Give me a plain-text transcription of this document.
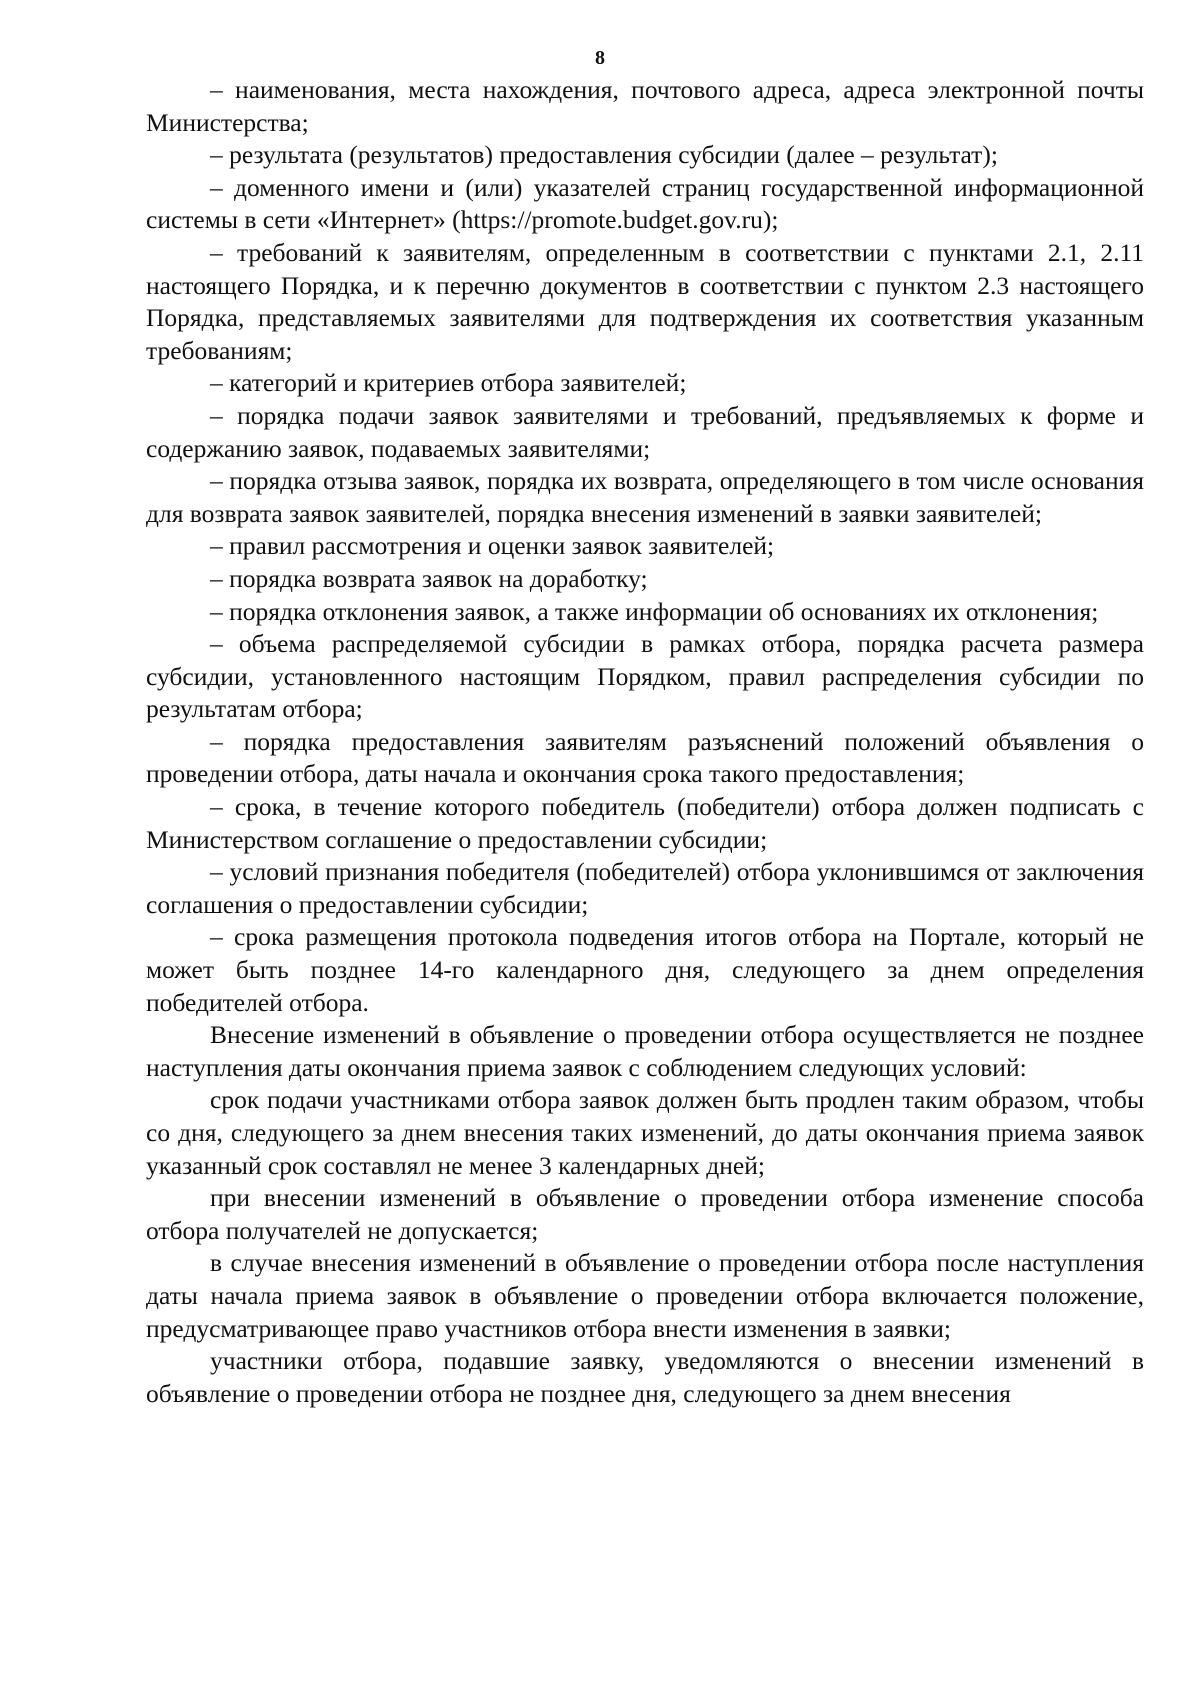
8

– наименования, места нахождения, почтового адреса, адреса электронной почты Министерства;

– результата (результатов) предоставления субсидии (далее – результат);

– доменного имени и (или) указателей страниц государственной информационной системы в сети «Интернет» (https://promote.budget.gov.ru);

– требований к заявителям, определенным в соответствии с пунктами 2.1, 2.11 настоящего Порядка, и к перечню документов в соответствии с пунктом 2.3 настоящего Порядка, представляемых заявителями для подтверждения их соответствия указанным требованиям;

– категорий и критериев отбора заявителей;

– порядка подачи заявок заявителями и требований, предъявляемых к форме и содержанию заявок, подаваемых заявителями;

– порядка отзыва заявок, порядка их возврата, определяющего в том числе основания для возврата заявок заявителей, порядка внесения изменений в заявки заявителей;

– правил рассмотрения и оценки заявок заявителей;

– порядка возврата заявок на доработку;

– порядка отклонения заявок, а также информации об основаниях их отклонения;

– объема распределяемой субсидии в рамках отбора, порядка расчета размера субсидии, установленного настоящим Порядком, правил распределения субсидии по результатам отбора;

– порядка предоставления заявителям разъяснений положений объявления о проведении отбора, даты начала и окончания срока такого предоставления;

– срока, в течение которого победитель (победители) отбора должен подписать с Министерством соглашение о предоставлении субсидии;

– условий признания победителя (победителей) отбора уклонившимся от заключения соглашения о предоставлении субсидии;

– срока размещения протокола подведения итогов отбора на Портале, который не может быть позднее 14-го календарного дня, следующего за днем определения победителей отбора.

Внесение изменений в объявление о проведении отбора осуществляется не позднее наступления даты окончания приема заявок с соблюдением следующих условий:

срок подачи участниками отбора заявок должен быть продлен таким образом, чтобы со дня, следующего за днем внесения таких изменений, до даты окончания приема заявок указанный срок составлял не менее 3 календарных дней;

при внесении изменений в объявление о проведении отбора изменение способа отбора получателей не допускается;

в случае внесения изменений в объявление о проведении отбора после наступления даты начала приема заявок в объявление о проведении отбора включается положение, предусматривающее право участников отбора внести изменения в заявки;

участники отбора, подавшие заявку, уведомляются о внесении изменений в объявление о проведении отбора не позднее дня, следующего за днем внесения
